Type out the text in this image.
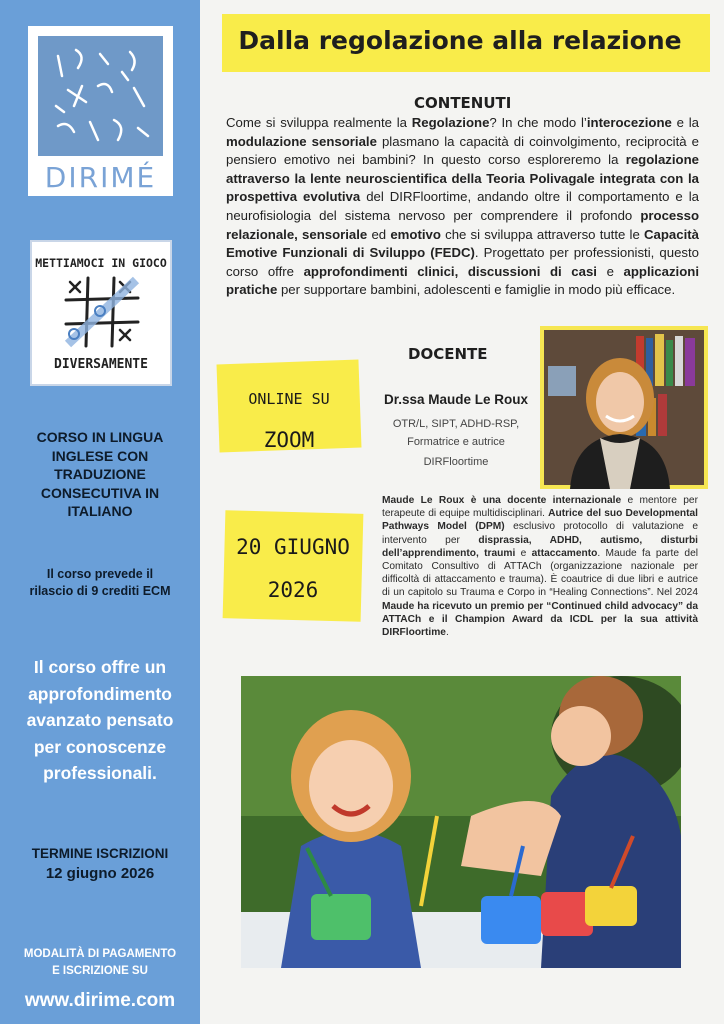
DIRIMÉ
METTIAMOCI IN GIOCO
DIVERSAMENTE
CORSO IN LINGUA INGLESE CON TRADUZIONE CONSECUTIVA IN ITALIANO
Il corso prevede il
rilascio di 9 crediti ECM
Il corso offre un approfondimento avanzato pensato per conoscenze professionali.
TERMINE ISCRIZIONI
12 giugno 2026
MODALITÀ DI PAGAMENTO E ISCRIZIONE SU
www.dirime.com
Dalla regolazione alla relazione
CONTENUTI
Come si sviluppa realmente la Regolazione? In che modo l’interocezione e la modulazione sensoriale plasmano la capacità di coinvolgimento, reciprocità e pensiero emotivo nei bambini? In questo corso esploreremo la regolazione attraverso la lente neuroscientifica della Teoria Polivagale integrata con la prospettiva evolutiva del DIRFloortime, andando oltre il comportamento e la neurofisiologia del sistema nervoso per comprendere il profondo processo relazionale, sensoriale ed emotivo che si sviluppa attraverso tutte le Capacità Emotive Funzionali di Sviluppo (FEDC). Progettato per professionisti, questo corso offre approfondimenti clinici, discussioni di casi e applicazioni pratiche per supportare bambini, adolescenti e famiglie in modo più efficace.
ONLINE SU
ZOOM
20 GIUGNO
2026
DOCENTE
Dr.ssa Maude Le Roux
OTR/L, SIPT, ADHD-RSP,
Formatrice e autrice
DIRFloortime
Maude Le Roux è una docente internazionale e mentore per terapeute di equipe multidisciplinari. Autrice del suo Developmental Pathways Model (DPM) esclusivo protocollo di valutazione e intervento per disprassia, ADHD, autismo, disturbi dell’apprendimento, traumi e attaccamento. Maude fa parte del Comitato Consultivo di ATTACh (organizzazione nazionale per difficoltà di attaccamento e trauma). È coautrice di due libri e autrice di un capitolo su Trauma e Corpo in “Healing Connections”. Nel 2024 Maude ha ricevuto un premio per “Continued child advocacy” da ATTACh e il Champion Award da ICDL per la sua attività DIRFloortime.
